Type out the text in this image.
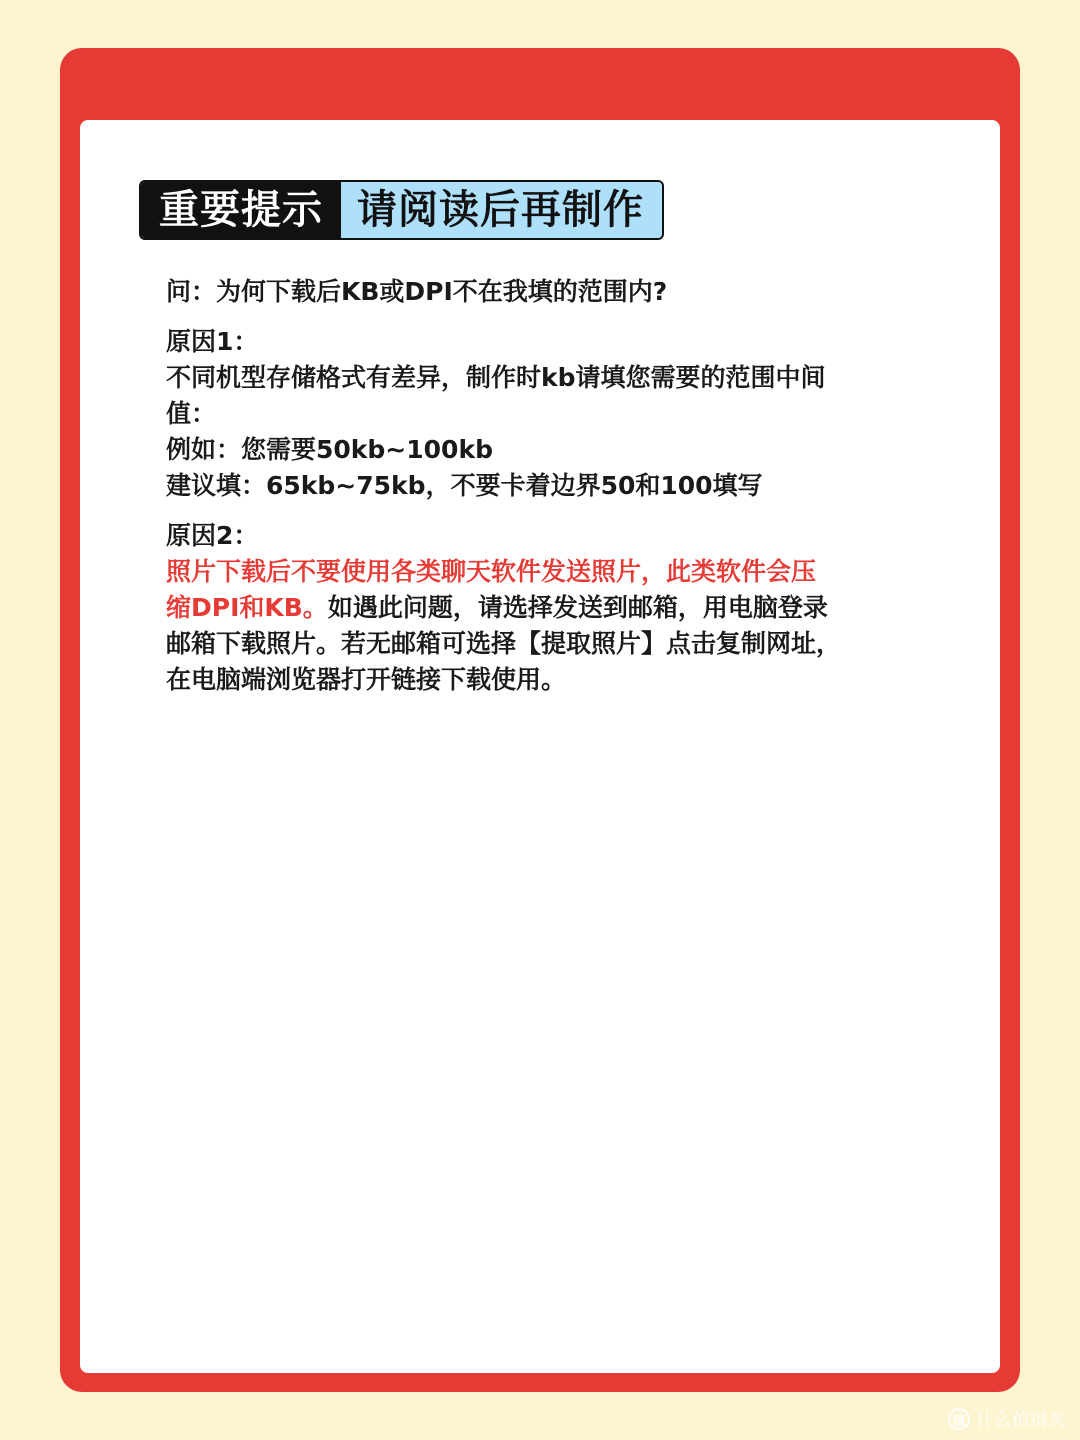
重要提示 请阅读后再制作

问：为何下载后KB或DPI不在我填的范围内?

原因1：

不同机型存储格式有差异，制作时kb请填您需要的范围中间

值：

例如：您需要50kb~100kb

建议填：65kb~75kb，不要卡着边界50和100填写

原因2：

照片下载后不要使用各类聊天软件发送照片，此类软件会压

缩DPI和KB。如遇此问题，请选择发送到邮箱，用电脑登录

邮箱下载照片。若无邮箱可选择【提取照片】点击复制网址，

在电脑端浏览器打开链接下载使用。

值 什么值得买
